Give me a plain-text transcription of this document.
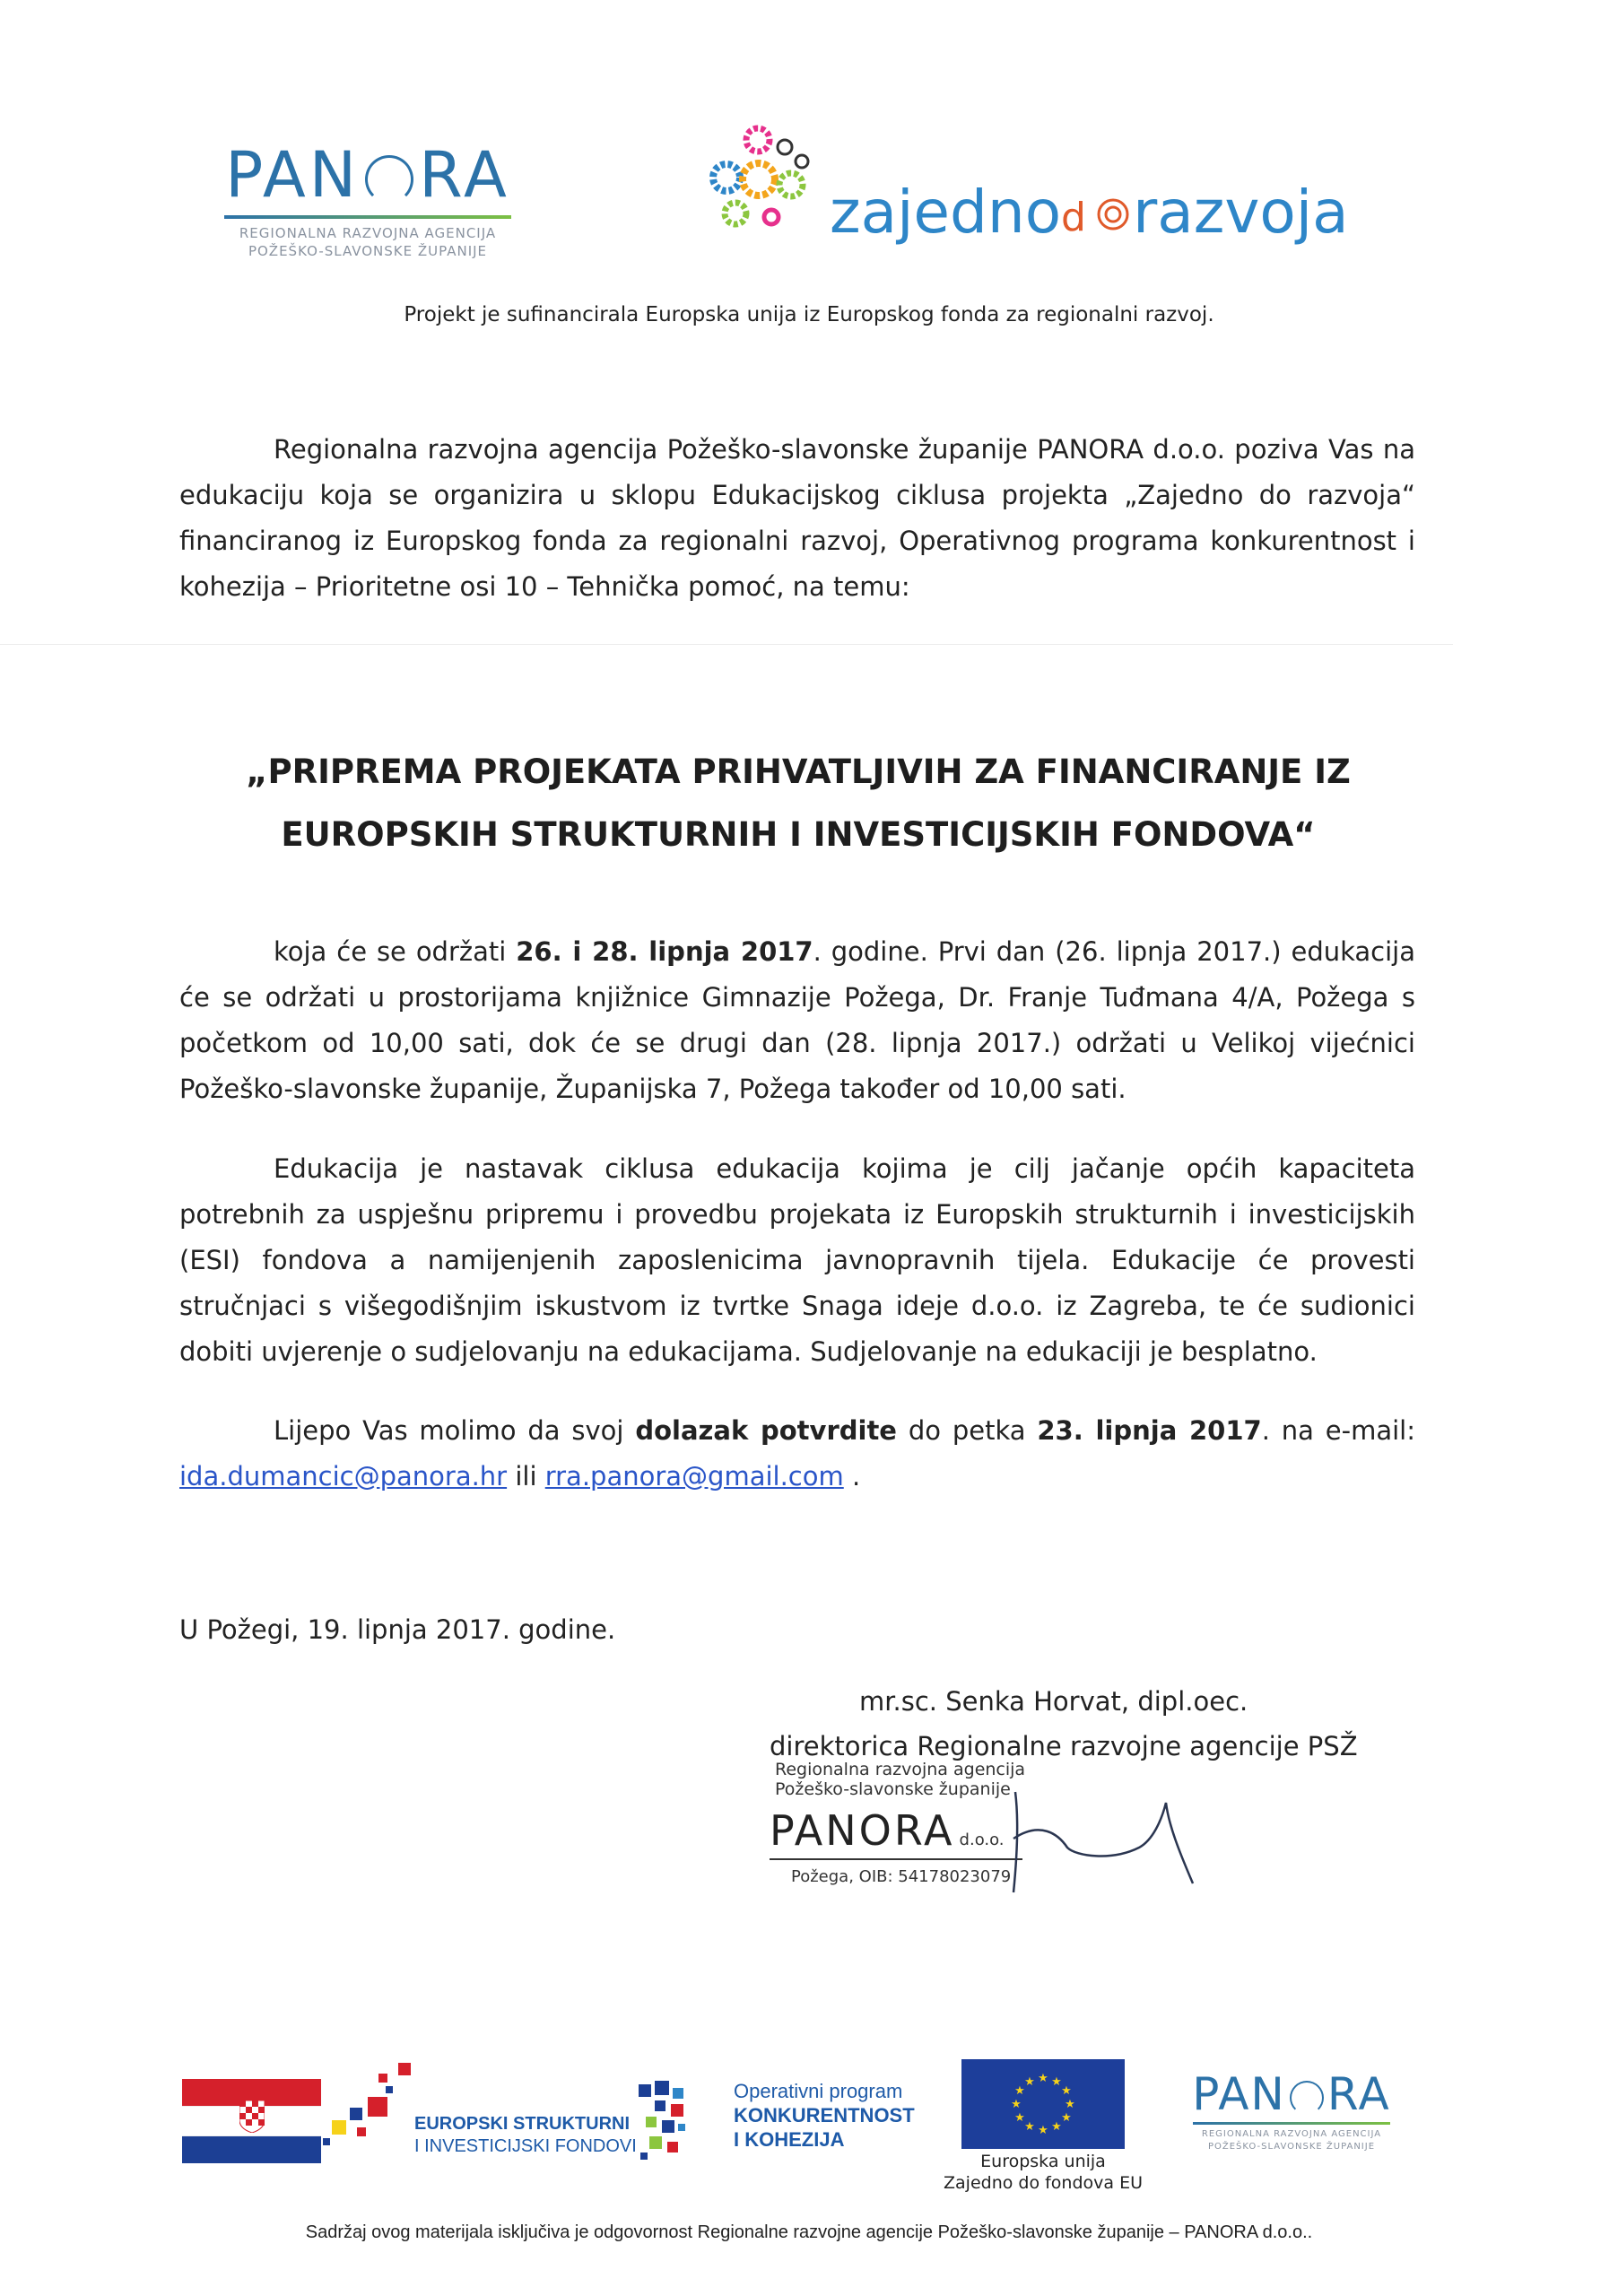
PAN RA
REGIONALNA RAZVOJNA AGENCIJA
POŽEŠKO-SLAVONSKE ŽUPANIJE
zajedno d razvoja
Projekt je sufinancirala Europska unija iz Europskog fonda za regionalni razvoj.
Regionalna razvojna agencija Požeško-slavonske županije PANORA d.o.o. poziva Vas na edukaciju koja se organizira u sklopu Edukacijskog ciklusa projekta „Zajedno do razvoja“ financiranog iz Europskog fonda za regionalni razvoj, Operativnog programa konkurentnost i kohezija – Prioritetne osi 10 – Tehnička pomoć, na temu:
„PRIPREMA PROJEKATA PRIHVATLJIVIH ZA FINANCIRANJE IZ
EUROPSKIH STRUKTURNIH I INVESTICIJSKIH FONDOVA“
koja će se održati 26. i 28. lipnja 2017. godine. Prvi dan (26. lipnja 2017.) edukacija će se održati u prostorijama knjižnice Gimnazije Požega, Dr. Franje Tuđmana 4/A, Požega s početkom od 10,00 sati, dok će se drugi dan (28. lipnja 2017.) održati u Velikoj vijećnici Požeško-slavonske županije, Županijska 7, Požega također od 10,00 sati.
Edukacija je nastavak ciklusa edukacija kojima je cilj jačanje općih kapaciteta potrebnih za uspješnu pripremu i provedbu projekata iz Europskih strukturnih i investicijskih (ESI) fondova a namijenjenih zaposlenicima javnopravnih tijela. Edukacije će provesti stručnjaci s višegodišnjim iskustvom iz tvrtke Snaga ideje d.o.o. iz Zagreba, te će sudionici dobiti uvjerenje o sudjelovanju na edukacijama. Sudjelovanje na edukaciji je besplatno.
Lijepo Vas molimo da svoj dolazak potvrdite do petka 23. lipnja 2017. na e-mail: ida.dumancic@panora.hr ili rra.panora@gmail.com .
U Požegi, 19. lipnja 2017. godine.
mr.sc. Senka Horvat, dipl.oec.
direktorica Regionalne razvojne agencije PSŽ
Regionalna razvojna agencija
Požeško-slavonske županije
PANORA d.o.o.
Požega, OIB: 54178023079
EUROPSKI STRUKTURNI
I INVESTICIJSKI FONDOVI
Operativni program
KONKURENTNOST
I KOHEZIJA
★ ★
★
★
★
★
★
★
★
★
★
★
Europska unija
Zajedno do fondova EU
PAN RA
REGIONALNA RAZVOJNA AGENCIJA
POŽEŠKO-SLAVONSKE ŽUPANIJE
Sadržaj ovog materijala isključiva je odgovornost Regionalne razvojne agencije Požeško-slavonske županije – PANORA d.o.o..
